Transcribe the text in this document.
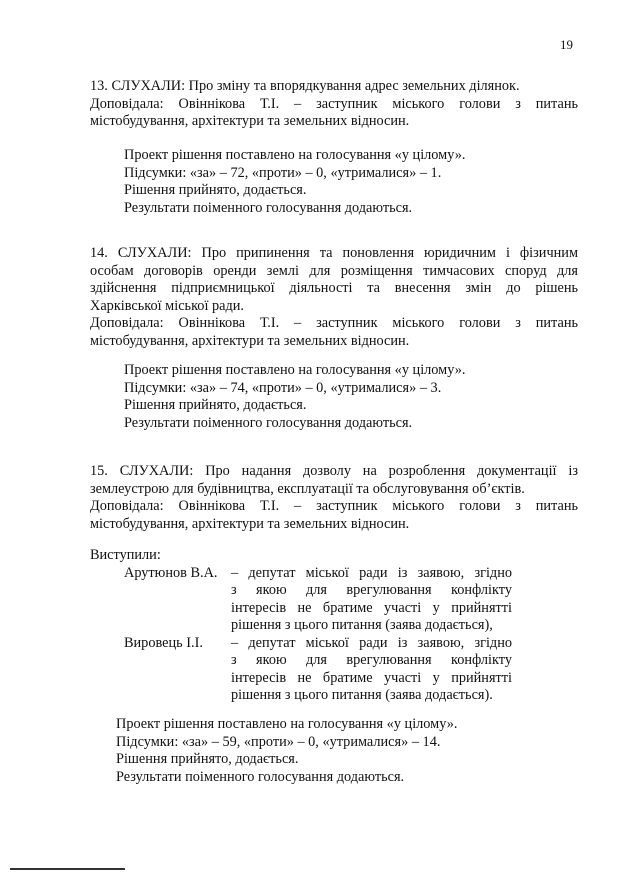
19

13. СЛУХАЛИ: Про зміну та впорядкування адрес земельних ділянок.

Доповідала: Овіннікова Т.І. – заступник міського голови з питань

містобудування, архітектури та земельних відносин.

Проект рішення поставлено на голосування «у цілому».

Підсумки: «за» – 72, «проти» – 0, «утрималися» – 1.

Рішення прийнято, додається.

Результати поіменного голосування додаються.

14. СЛУХАЛИ: Про припинення та поновлення юридичним і фізичним

особам договорів оренди землі для розміщення тимчасових споруд для

здійснення підприємницької діяльності та внесення змін до рішень

Харківської міської ради.

Доповідала: Овіннікова Т.І. – заступник міського голови з питань

містобудування, архітектури та земельних відносин.

Проект рішення поставлено на голосування «у цілому».

Підсумки: «за» – 74, «проти» – 0, «утрималися» – 3.

Рішення прийнято, додається.

Результати поіменного голосування додаються.

15. СЛУХАЛИ: Про надання дозволу на розроблення документації із

землеустрою для будівництва, експлуатації та обслуговування об’єктів.

Доповідала: Овіннікова Т.І. – заступник міського голови з питань

містобудування, архітектури та земельних відносин.

Виступили:
Арутюнов В.А. – депутат міської ради із заявою, згідно

з якою для врегулювання конфлікту

інтересів не братиме участі у прийнятті

рішення з цього питання (заява додається),

Вировець І.І. – депутат міської ради із заявою, згідно

з якою для врегулювання конфлікту

інтересів не братиме участі у прийнятті

рішення з цього питання (заява додається).

Проект рішення поставлено на голосування «у цілому».

Підсумки: «за» – 59, «проти» – 0, «утрималися» – 14.

Рішення прийнято, додається.

Результати поіменного голосування додаються.
